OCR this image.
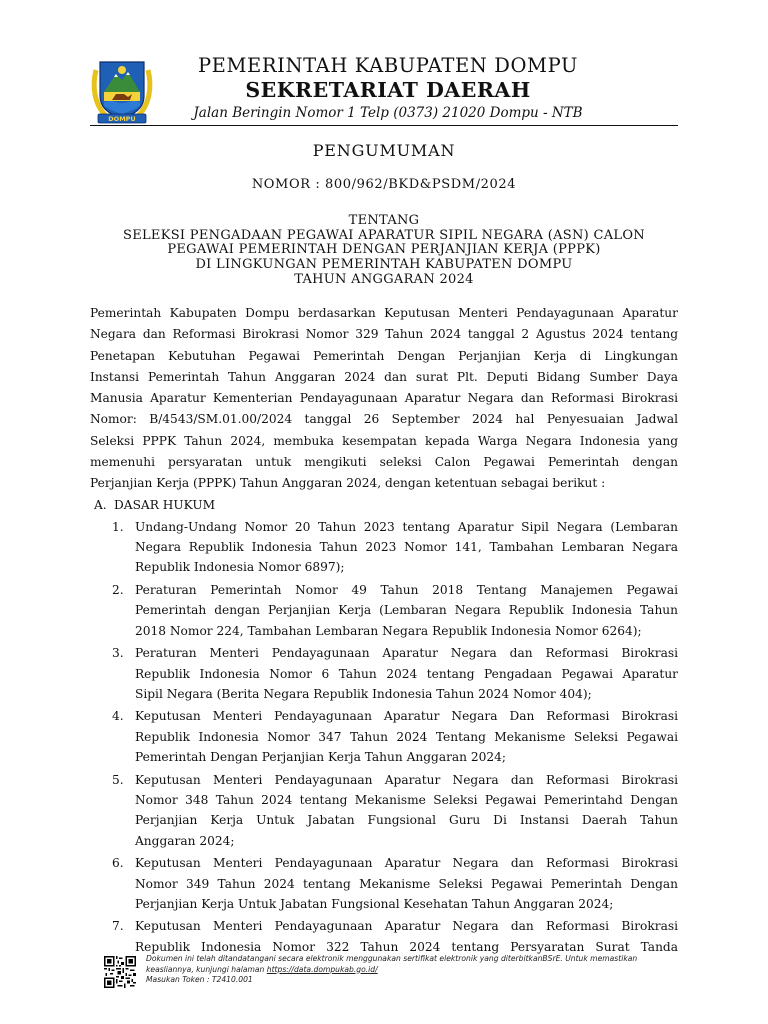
DOMPU
PEMERINTAH KABUPATEN DOMPU
SEKRETARIAT DAERAH
Jalan Beringin Nomor 1 Telp (0373) 21020 Dompu - NTB
PENGUMUMAN
NOMOR : 800/962/BKD&PSDM/2024
TENTANG
SELEKSI PENGADAAN PEGAWAI APARATUR SIPIL NEGARA (ASN) CALON
PEGAWAI PEMERINTAH DENGAN PERJANJIAN KERJA (PPPK)
DI LINGKUNGAN PEMERINTAH KABUPATEN DOMPU
TAHUN ANGGARAN 2024

Pemerintah Kabupaten Dompu berdasarkan Keputusan Menteri Pendayagunaan Aparatur
Negara dan Reformasi Birokrasi Nomor 329 Tahun 2024 tanggal 2 Agustus 2024 tentang
Penetapan Kebutuhan Pegawai Pemerintah Dengan Perjanjian Kerja di Lingkungan
Instansi Pemerintah Tahun Anggaran 2024 dan surat Plt. Deputi Bidang Sumber Daya
Manusia Aparatur Kementerian Pendayagunaan Aparatur Negara dan Reformasi Birokrasi
Nomor: B/4543/SM.01.00/2024 tanggal 26 September 2024 hal Penyesuaian Jadwal
Seleksi PPPK Tahun 2024, membuka kesempatan kepada Warga Negara Indonesia yang
memenuhi persyaratan untuk mengikuti seleksi Calon Pegawai Pemerintah dengan
Perjanjian Kerja (PPPK) Tahun Anggaran 2024, dengan ketentuan sebagai berikut :

A. DASAR HUKUM
1. Undang-Undang Nomor 20 Tahun 2023 tentang Aparatur Sipil Negara (Lembaran
Negara Republik Indonesia Tahun 2023 Nomor 141, Tambahan Lembaran Negara
Republik Indonesia Nomor 6897);
2. Peraturan Pemerintah Nomor 49 Tahun 2018 Tentang Manajemen Pegawai
Pemerintah dengan Perjanjian Kerja (Lembaran Negara Republik Indonesia Tahun
2018 Nomor 224, Tambahan Lembaran Negara Republik Indonesia Nomor 6264);
3. Peraturan Menteri Pendayagunaan Aparatur Negara dan Reformasi Birokrasi
Republik Indonesia Nomor 6 Tahun 2024 tentang Pengadaan Pegawai Aparatur
Sipil Negara (Berita Negara Republik Indonesia Tahun 2024 Nomor 404);
4. Keputusan Menteri Pendayagunaan Aparatur Negara Dan Reformasi Birokrasi
Republik Indonesia Nomor 347 Tahun 2024 Tentang Mekanisme Seleksi Pegawai
Pemerintah Dengan Perjanjian Kerja Tahun Anggaran 2024;
5. Keputusan Menteri Pendayagunaan Aparatur Negara dan Reformasi Birokrasi
Nomor 348 Tahun 2024 tentang Mekanisme Seleksi Pegawai Pemerintahd Dengan
Perjanjian Kerja Untuk Jabatan Fungsional Guru Di Instansi Daerah Tahun
Anggaran 2024;
6. Keputusan Menteri Pendayagunaan Aparatur Negara dan Reformasi Birokrasi
Nomor 349 Tahun 2024 tentang Mekanisme Seleksi Pegawai Pemerintah Dengan
Perjanjian Kerja Untuk Jabatan Fungsional Kesehatan Tahun Anggaran 2024;
7. Keputusan Menteri Pendayagunaan Aparatur Negara dan Reformasi Birokrasi
Republik Indonesia Nomor 322 Tahun 2024 tentang Persyaratan Surat Tanda
Dokumen ini telah ditandatangani secara elektronik menggunakan sertifikat elektronik yang diterbitkanBSrE. Untuk memastikan
keasliannya, kunjungi halaman https://data.dompukab.go.id/
Masukan Token : T2410.001
